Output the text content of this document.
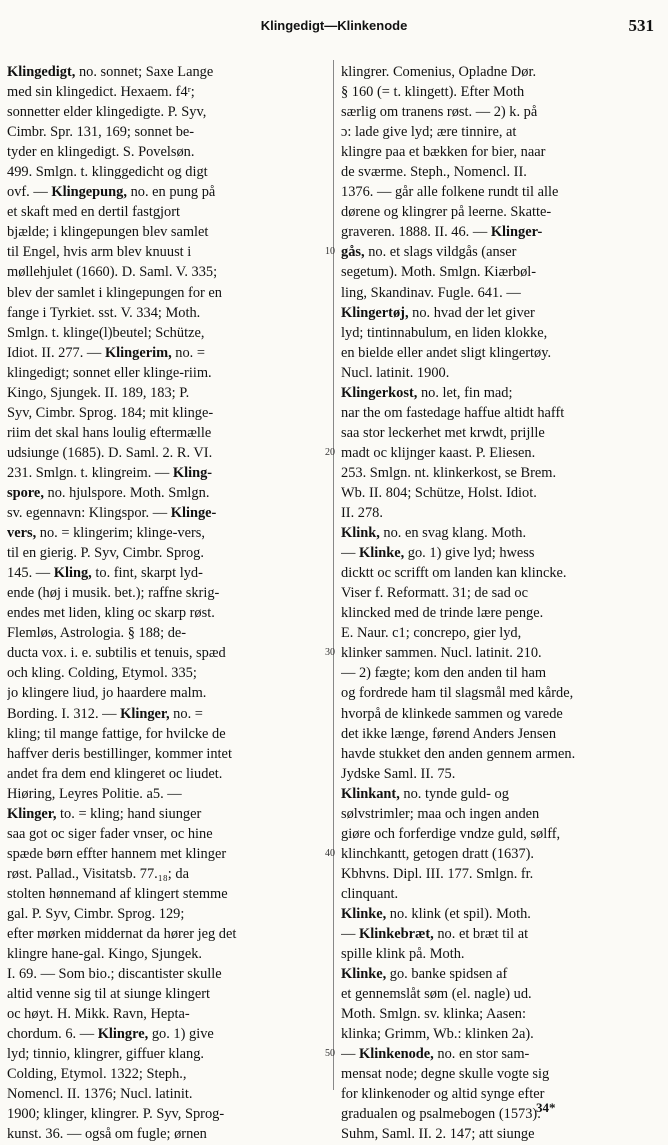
Klingedigt—Klinkenode	531
Klingedigt, no. sonnet; Saxe Lange
med sin klingedict. Hexaem. f4ʳ;
sonnetter elder klingedigte. P. Syv,
Cimbr. Spr. 131, 169; sonnet be-
tyder en klingedigt. S. Povelsøn.
499. Smlgn. t. klinggedicht og digt
ovf. — Klingepung, no. en pung på
et skaft med en dertil fastgjort
bjælde; i klingepungen blev samlet
til Engel, hvis arm blev knuust i
møllehjulet (1660). D. Saml. V. 335;
blev der samlet i klingepungen for en
fange i Tyrkiet. sst. V. 334; Moth.
Smlgn. t. klinge(l)beutel; Schütze,
Idiot. II. 277. — Klingerim, no. =
klingedigt; sonnet eller klinge-riim.
Kingo, Sjungek. II. 189, 183; P.
Syv, Cimbr. Sprog. 184; mit klinge-
riim det skal hans loulig eftermælle
udsiunge (1685). D. Saml. 2. R. VI.
231. Smlgn. t. klingreim. — Kling-
spore, no. hjulspore. Moth. Smlgn.
sv. egennavn: Klingspor. — Klinge-
vers, no. = klingerim; klinge-vers,
til en gierig. P. Syv, Cimbr. Sprog.
145. — Kling, to. fint, skarpt lyd-
ende (høj i musik. bet.); raffne skrig-
endes met liden, kling oc skarp røst.
Flemløs, Astrologia. § 188; de-
ducta vox. i. e. subtilis et tenuis, spæd
och kling. Colding, Etymol. 335;
jo klingere liud, jo haardere malm.
Bording. I. 312. — Klinger, no. =
kling; til mange fattige, for hvilcke de
haffver deris bestillinger, kommer intet
andet fra dem end klingeret oc liudet.
Hiøring, Leyres Politie. a5. —
Klinger, to. = kling; hand siunger
saa got oc siger fader vnser, oc hine
spæde børn effter hannem met klinger
røst. Pallad., Visitatsb. 77.₁₈; da
stolten hønnemand af klingert stemme
gal. P. Syv, Cimbr. Sprog. 129;
efter mørken middernat da hører jeg det
klingre hane-gal. Kingo, Sjungek.
I. 69. — Som bio.; discantister skulle
altid venne sig til at siunge klingert
oc høyt. H. Mikk. Ravn, Hepta-
chordum. 6. — Klingre, go. 1) give
lyd; tinnio, klingrer, giffuer klang.
Colding, Etymol. 1322; Steph.,
Nomencl. II. 1376; Nucl. latinit.
1900; klinger, klingrer. P. Syv, Sprog-
kunst. 36. — også om fugle; ørnen
klingrer. Comenius, Opladne Dør.
§ 160 (= t. klingett). Efter Moth
særlig om tranens røst. — 2) k. på
ɔ: lade give lyd; ære tinnire, at
klingre paa et bækken for bier, naar
de sværme. Steph., Nomencl. II.
1376. — går alle folkene rundt til alle
dørene og klingrer på leerne. Skatte-
graveren. 1888. II. 46. — Klinger-
gås, no. et slags vildgås (anser
segetum). Moth. Smlgn. Kiærbøl-
ling, Skandinav. Fugle. 641. —
Klingertøj, no. hvad der let giver
lyd; tintinnabulum, en liden klokke,
en bielde eller andet sligt klingertøy.
Nucl. latinit. 1900.
Klingerkost, no. let, fin mad;
nar the om fastedage haffue altidt hafft
saa stor leckerhet met krwdt, prijlle
madt oc klijnger kaast. P. Eliesen.
253. Smlgn. nt. klinkerkost, se Brem.
Wb. II. 804; Schütze, Holst. Idiot.
II. 278.
Klink, no. en svag klang. Moth.
— Klinke, go. 1) give lyd; hwess
dicktt oc scrifft om landen kan klincke.
Viser f. Reformatt. 31; de sad oc
klincked med de trinde lære penge.
E. Naur. c1; concrepo, gier lyd,
klinker sammen. Nucl. latinit. 210.
— 2) fægte; kom den anden til ham
og fordrede ham til slagsmål med kårde,
hvorpå de klinkede sammen og varede
det ikke længe, førend Anders Jensen
havde stukket den anden gennem armen.
Jydske Saml. II. 75.
Klinkant, no. tynde guld- og
sølvstrimler; maa och ingen anden
giøre och forferdige vndze guld, sølff,
klinchkantt, getogen dratt (1637).
Kbhvns. Dipl. III. 177. Smlgn. fr.
clinquant.
Klinke, no. klink (et spil). Moth.
— Klinkebræt, no. et bræt til at
spille klink på. Moth.
Klinke, go. banke spidsen af
et gennemslåt søm (el. nagle) ud.
Moth. Smlgn. sv. klinka; Aasen:
klinka; Grimm, Wb.: klinken 2a).
— Klinkenode, no. en stor sam-
mensat node; degne skulle vogte sig
for klinkenoder og altid synge efter
gradualen og psalmebogen (1573).
Suhm, Saml. II. 2. 147; att siunge
10
20
30
40
50
34*
